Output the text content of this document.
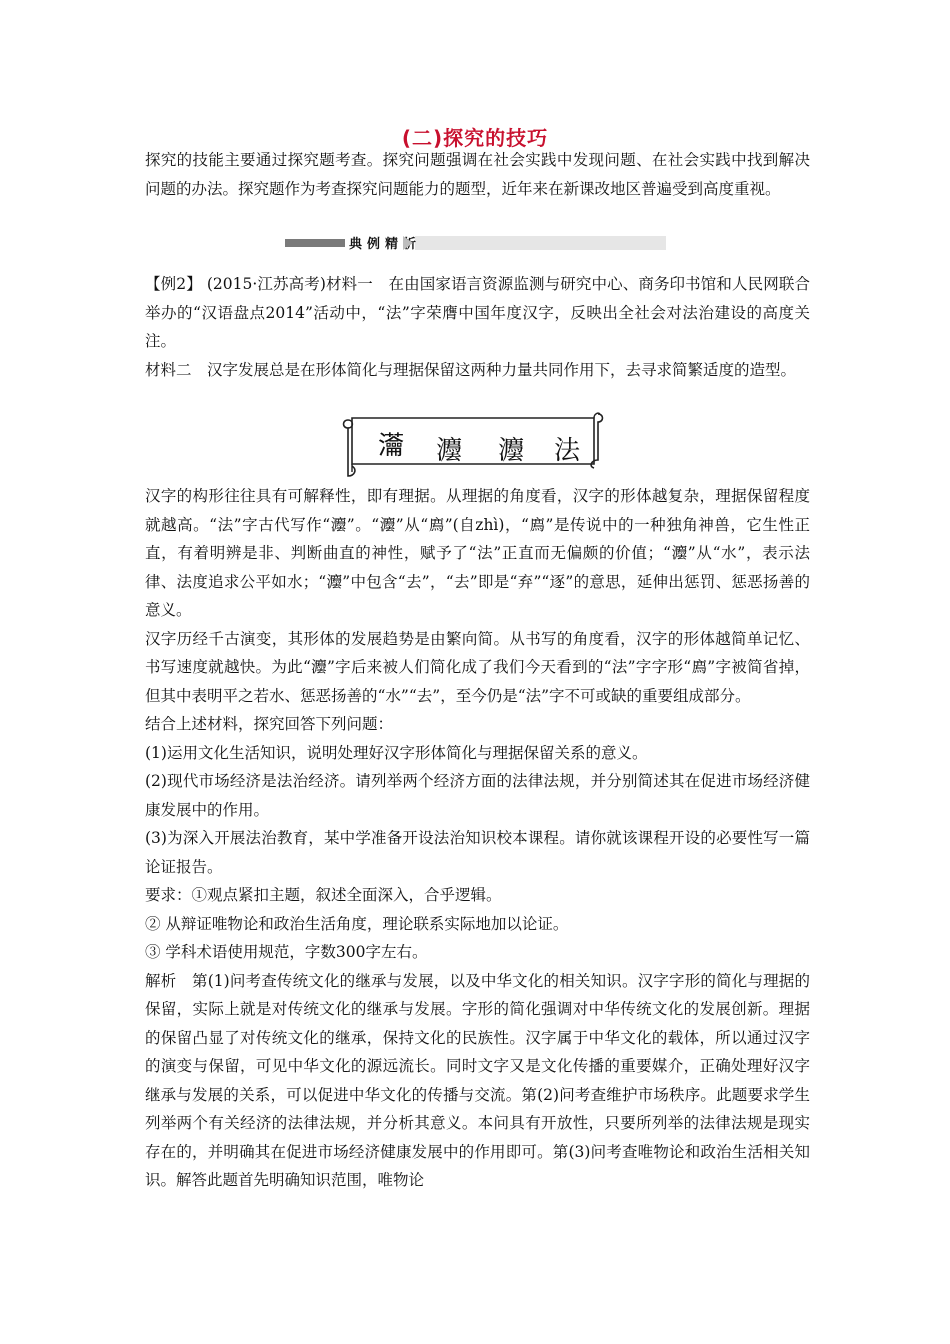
(二)探究的技巧

探究的技能主要通过探究题考查。探究问题强调在社会实践中发现问题、在社会实践中找到解决问题的办法。探究题作为考查探究问题能力的题型，近年来在新课改地区普遍受到高度重视。

典例精析

【例2】 (2015·江苏高考)材料一　在由国家语言资源监测与研究中心、商务印书馆和人民网联合举办的“汉语盘点2014”活动中，“法”字荣膺中国年度汉字，反映出全社会对法治建设的高度关注。

材料二　汉字发展总是在形体简化与理据保留这两种力量共同作用下，去寻求简繁适度的造型。

𤅢 灋 灋 法

汉字的构形往往具有可解释性，即有理据。从理据的角度看，汉字的形体越复杂，理据保留程度就越高。“法”字古代写作“灋”。“灋”从“廌”(自zhì)，“廌”是传说中的一种独角神兽，它生性正直，有着明辨是非、判断曲直的神性，赋予了“法”正直而无偏颇的价值；“灋”从“水”，表示法律、法度追求公平如水；“灋”中包含“去”，“去”即是“弃”“逐”的意思，延伸出惩罚、惩恶扬善的意义。

汉字历经千古演变，其形体的发展趋势是由繁向简。从书写的角度看，汉字的形体越简单记忆、书写速度就越快。为此“灋”字后来被人们简化成了我们今天看到的“法”字字形“廌”字被简省掉，但其中表明平之若水、惩恶扬善的“水”“去”，至今仍是“法”字不可或缺的重要组成部分。

结合上述材料，探究回答下列问题：

(1)运用文化生活知识，说明处理好汉字形体简化与理据保留关系的意义。

(2)现代市场经济是法治经济。请列举两个经济方面的法律法规，并分别简述其在促进市场经济健康发展中的作用。

(3)为深入开展法治教育，某中学准备开设法治知识校本课程。请你就该课程开设的必要性写一篇论证报告。

要求：①观点紧扣主题，叙述全面深入，合乎逻辑。

② 从辩证唯物论和政治生活角度，理论联系实际地加以论证。

③ 学科术语使用规范，字数300字左右。

解析　第(1)问考查传统文化的继承与发展，以及中华文化的相关知识。汉字字形的简化与理据的保留，实际上就是对传统文化的继承与发展。字形的简化强调对中华传统文化的发展创新。理据的保留凸显了对传统文化的继承，保持文化的民族性。汉字属于中华文化的载体，所以通过汉字的演变与保留，可见中华文化的源远流长。同时文字又是文化传播的重要媒介，正确处理好汉字继承与发展的关系，可以促进中华文化的传播与交流。第(2)问考查维护市场秩序。此题要求学生列举两个有关经济的法律法规，并分析其意义。本问具有开放性，只要所列举的法律法规是现实存在的，并明确其在促进市场经济健康发展中的作用即可。第(3)问考查唯物论和政治生活相关知识。解答此题首先明确知识范围，唯物论
